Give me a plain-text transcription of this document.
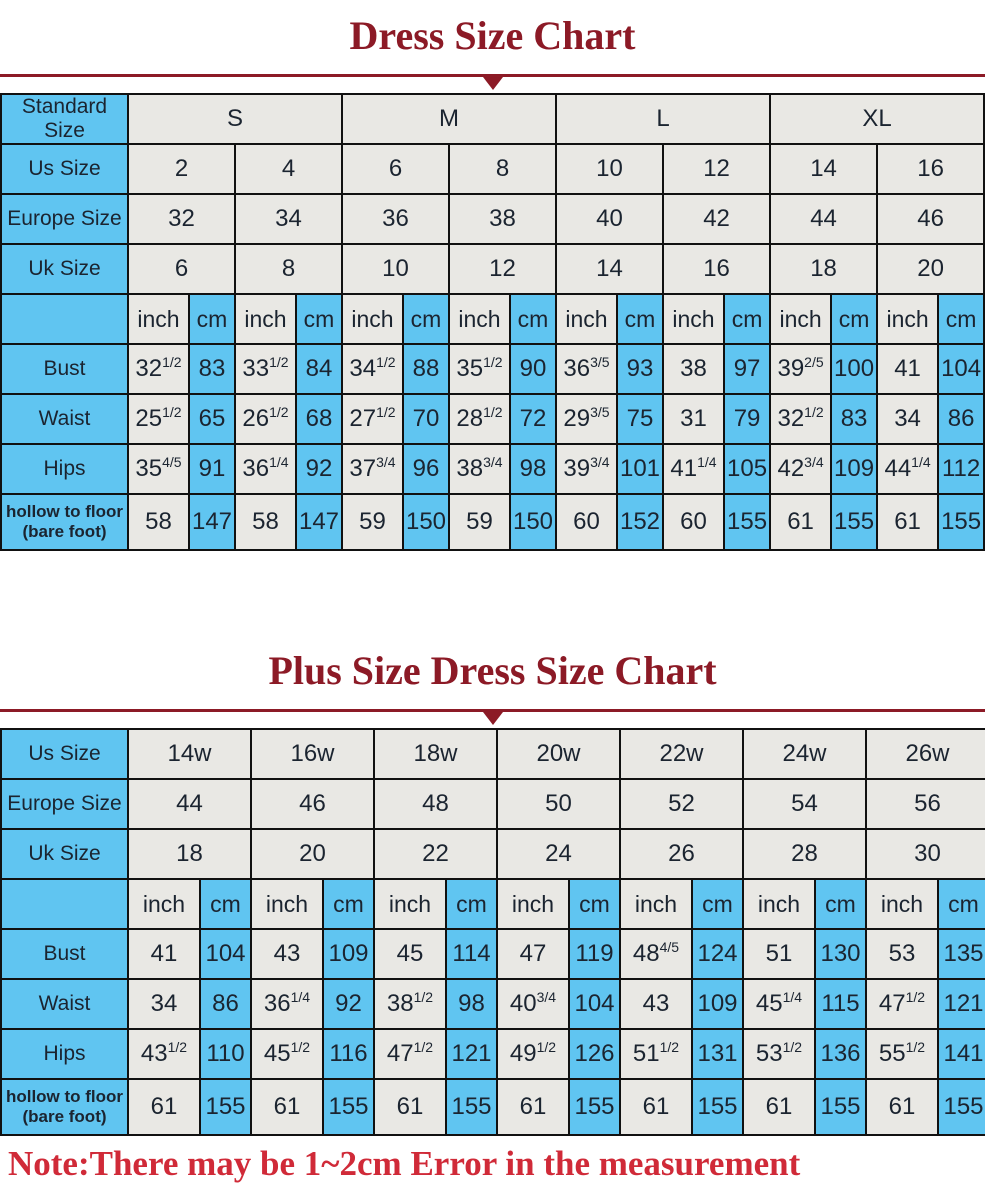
Dress Size Chart
Standard Size	S				M				L				XL			
Us Size	2		4		6		8		10		12		14		16	
Europe Size	32		34		36		38		40		42		44		46	
Uk Size	6		8		10		12		14		16		18		20	
	inch	cm	inch	cm	inch	cm	inch	cm	inch	cm	inch	cm	inch	cm	inch	cm
Bust	$32^{1/2}$	83	$33^{1/2}$	84	$34^{1/2}$	88	$35^{1/2}$	90	$36^{3/5}$	93	38	97	$39^{2/5}$	100	41	104
Waist	$25^{1/2}$	65	$26^{1/2}$	68	$27^{1/2}$	70	$28^{1/2}$	72	$29^{3/5}$	75	31	79	$32^{1/2}$	83	34	86
Hips	$35^{4/5}$	91	$36^{1/4}$	92	$37^{3/4}$	96	$38^{3/4}$	98	$39^{3/4}$	101	$41^{1/4}$	105	$42^{3/4}$	109	$44^{1/4}$	112

hollow to floor
(bare foot)	58	147	58	147	59	150	59	150	60	152	60	155	61	155	61	155
Plus Size Dress Size Chart
Us Size	14w		16w		18w		20w		22w		24w		26w	
Europe Size	44		46		48		50		52		54		56	
Uk Size	18		20		22		24		26		28		30	
	inch	cm	inch	cm	inch	cm	inch	cm	inch	cm	inch	cm	inch	cm
Bust	41	104	43	109	45	114	47	119	$48^{4/5}$	124	51	130	53	135
Waist	34	86	$36^{1/4}$	92	$38^{1/2}$	98	$40^{3/4}$	104	43	109	$45^{1/4}$	115	$47^{1/2}$	121
Hips	$43^{1/2}$	110	$45^{1/2}$	116	$47^{1/2}$	121	$49^{1/2}$	126	$51^{1/2}$	131	$53^{1/2}$	136	$55^{1/2}$	141

hollow to floor
(bare foot)	61	155	61	155	61	155	61	155	61	155	61	155	61	155
Note:There may be 1~2cm Error in the measurement
